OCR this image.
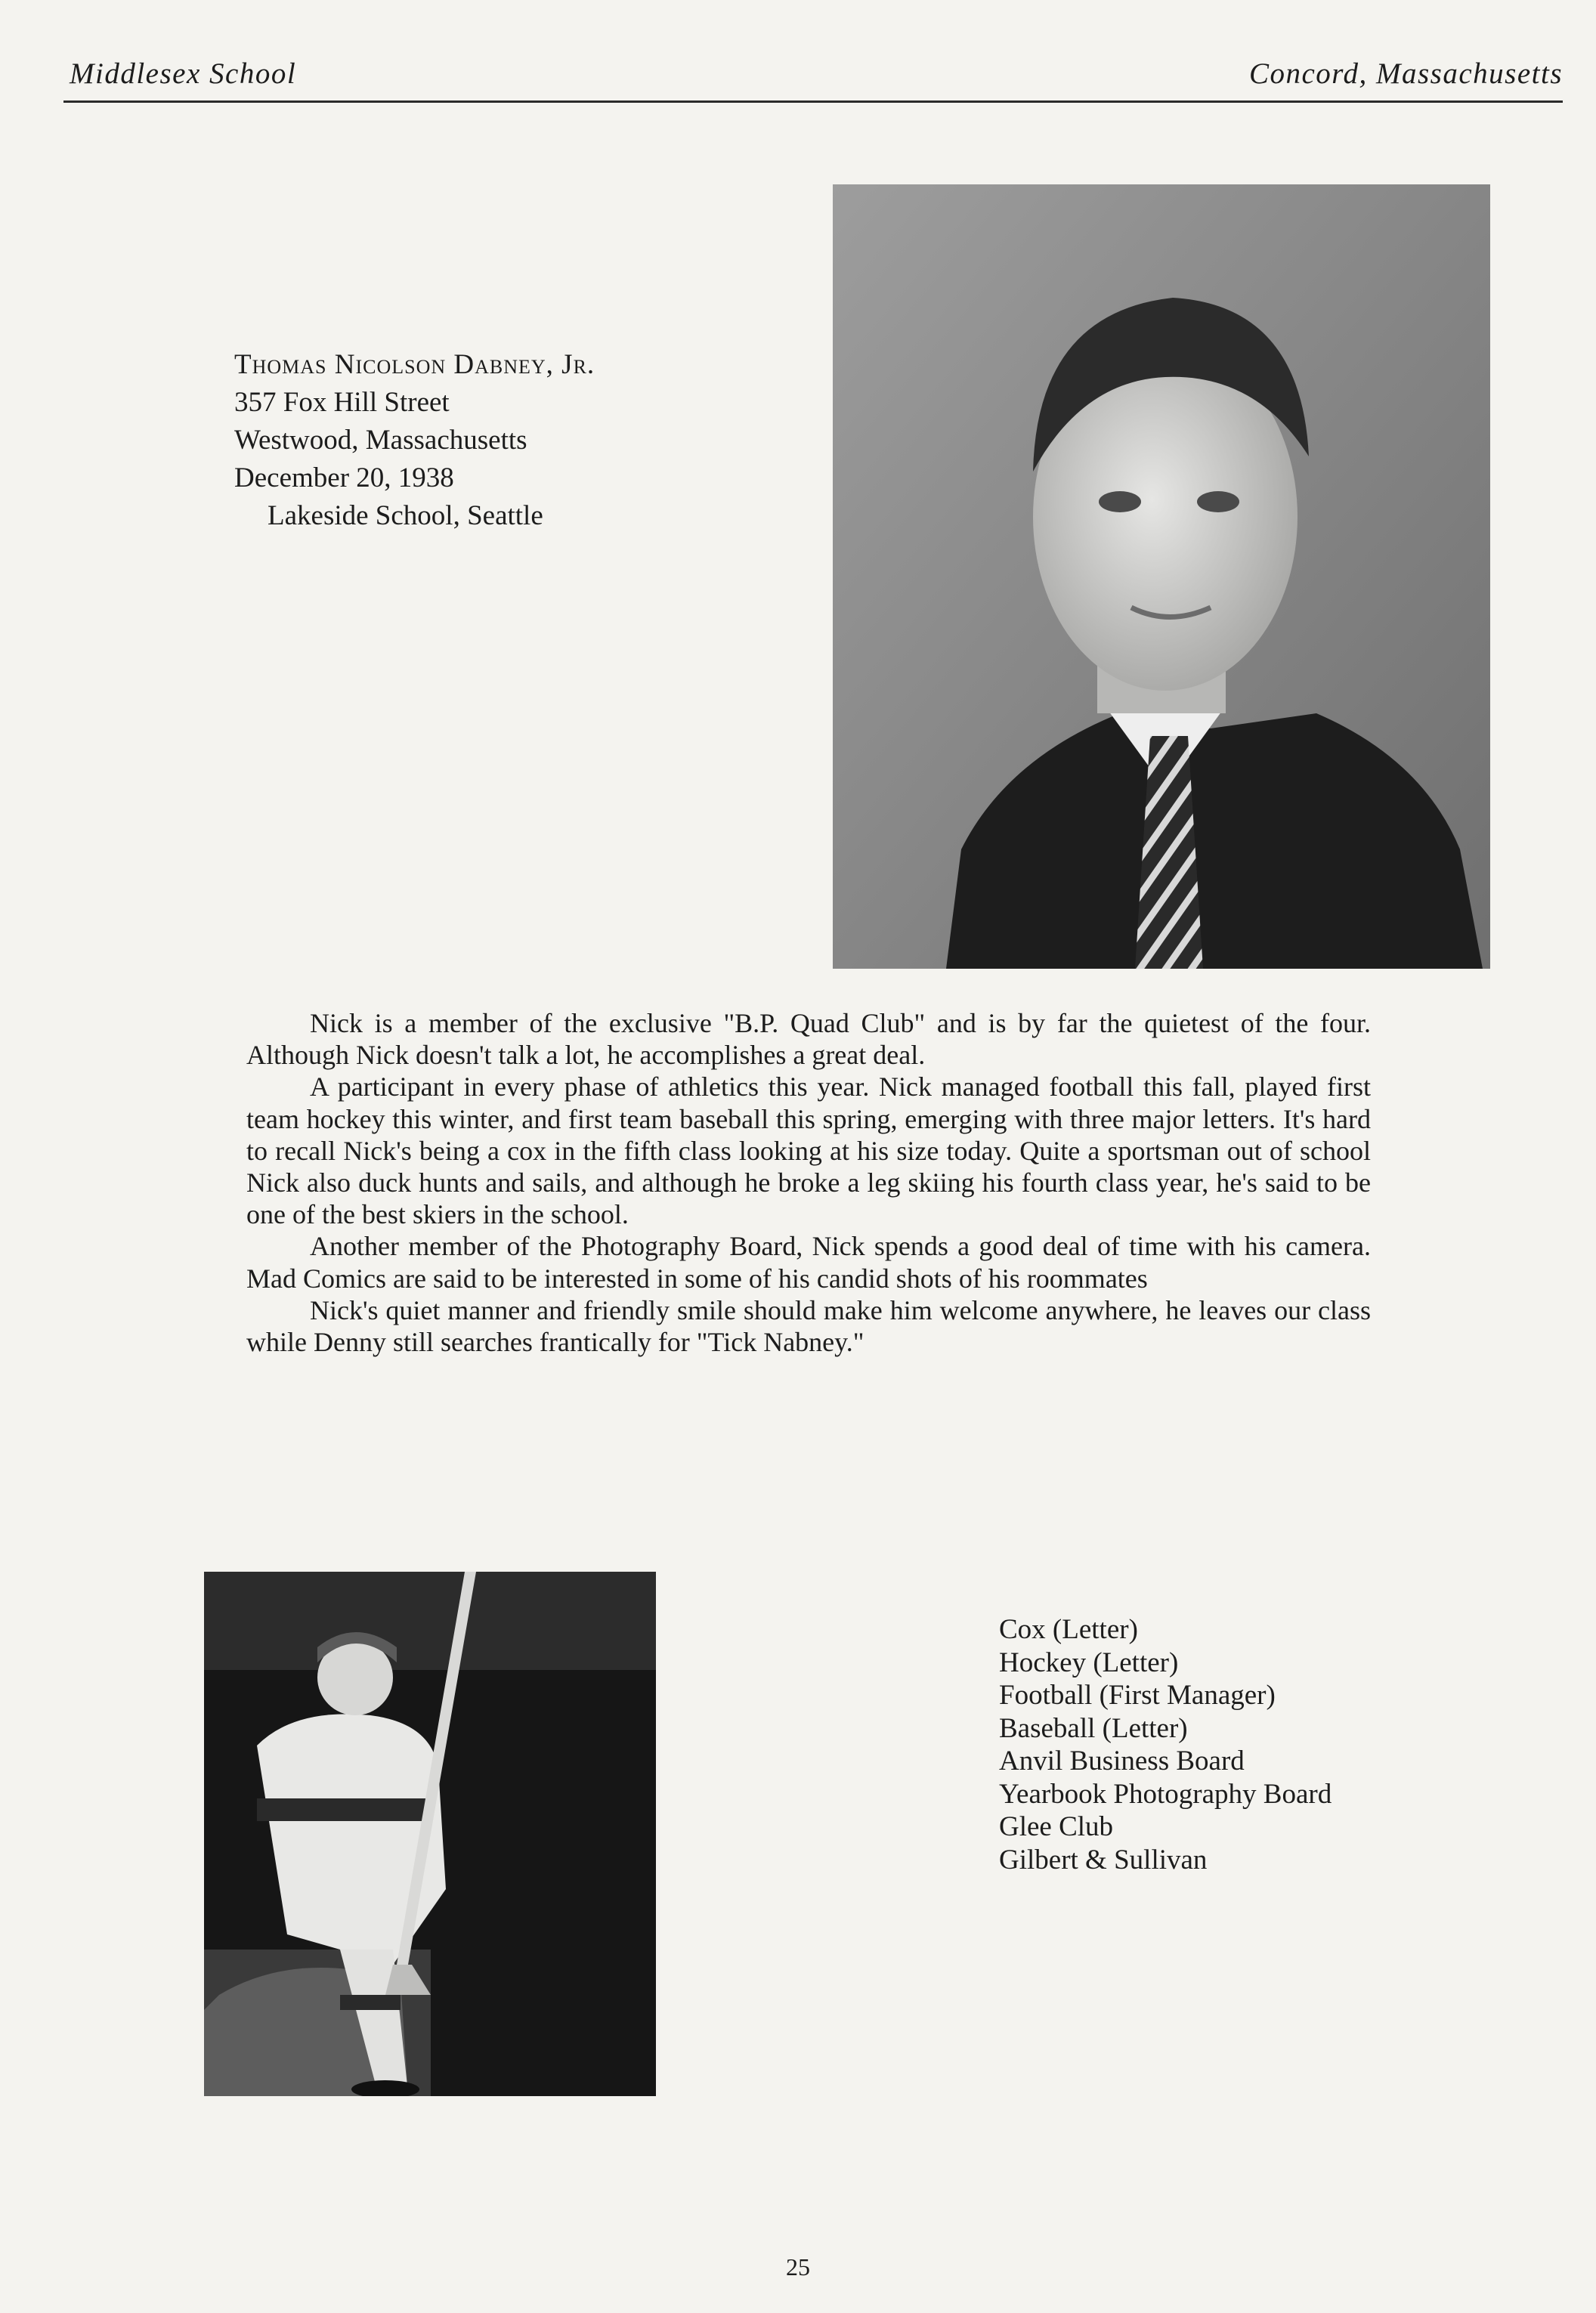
Middlesex School	Concord, Massachusetts
Thomas Nicolson Dabney, Jr.
357 Fox Hill Street
Westwood, Massachusetts
December 20, 1938
Lakeside School, Seattle

Nick is a member of the exclusive "B.P. Quad Club" and is by far the quietest of the four. Although Nick doesn't talk a lot, he accomplishes a great deal.

A participant in every phase of athletics this year. Nick managed football this fall, played first team hockey this winter, and first team baseball this spring, emerging with three major letters. It's hard to recall Nick's being a cox in the fifth class looking at his size today. Quite a sportsman out of school Nick also duck hunts and sails, and although he broke a leg skiing his fourth class year, he's said to be one of the best skiers in the school.

Another member of the Photography Board, Nick spends a good deal of time with his camera. Mad Comics are said to be interested in some of his candid shots of his roommates

Nick's quiet manner and friendly smile should make him welcome anywhere, he leaves our class while Denny still searches frantically for "Tick Nabney."

Cox (Letter)
Hockey (Letter)
Football (First Manager)
Baseball (Letter)
Anvil Business Board
Yearbook Photography Board
Glee Club
Gilbert & Sullivan
25
